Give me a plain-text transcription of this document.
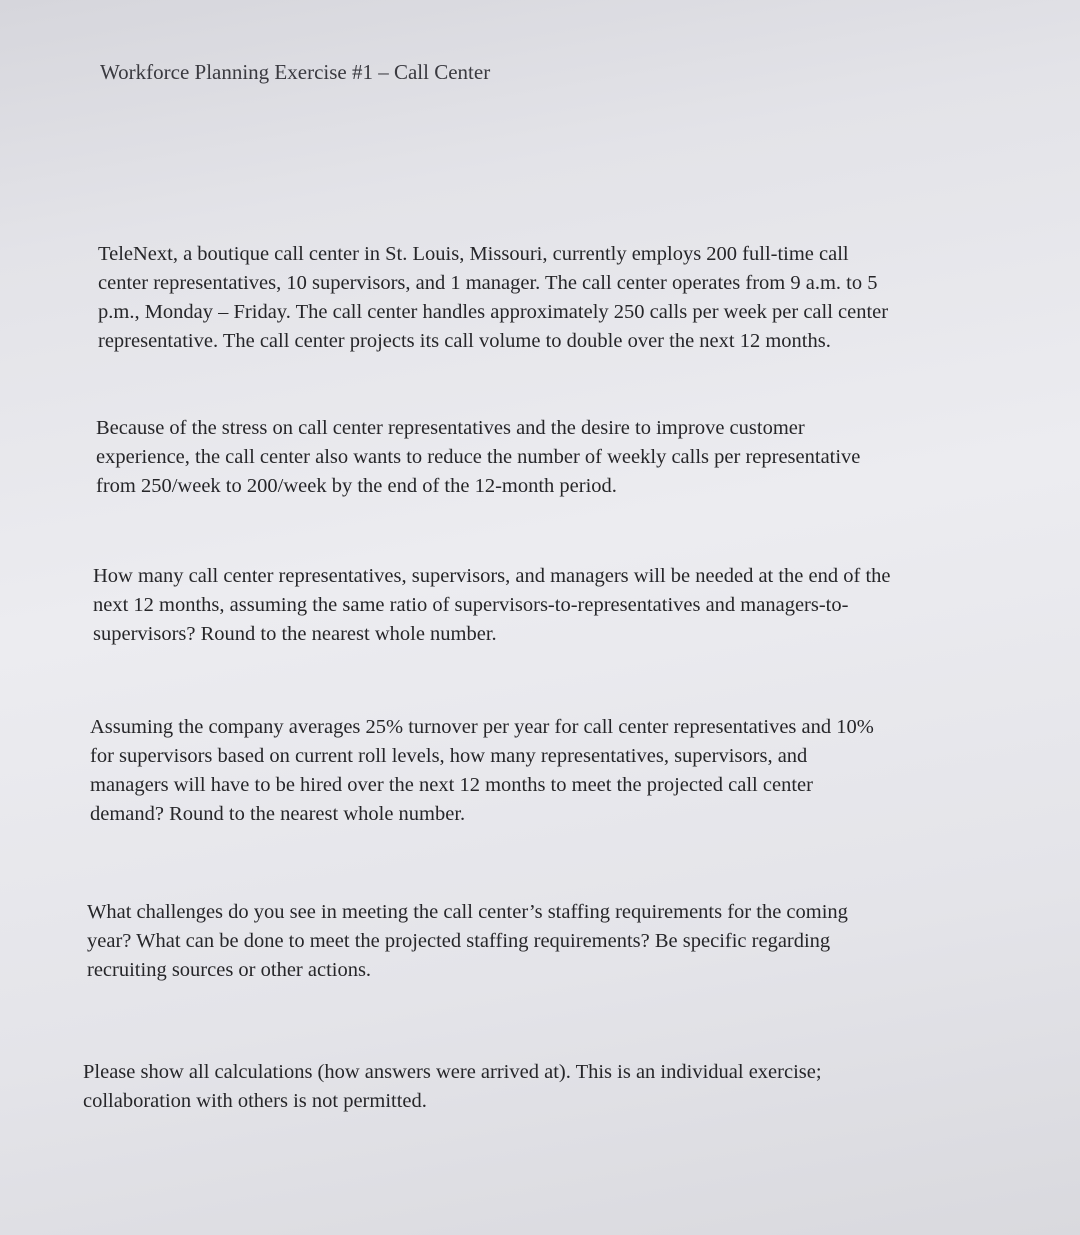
Workforce Planning Exercise #1 – Call Center

TeleNext, a boutique call center in St. Louis, Missouri, currently employs 200 full-time call
center representatives, 10 supervisors, and 1 manager. The call center operates from 9 a.m. to 5
p.m., Monday – Friday. The call center handles approximately 250 calls per week per call center
representative. The call center projects its call volume to double over the next 12 months.

Because of the stress on call center representatives and the desire to improve customer
experience, the call center also wants to reduce the number of weekly calls per representative
from 250/week to 200/week by the end of the 12-month period.

How many call center representatives, supervisors, and managers will be needed at the end of the
next 12 months, assuming the same ratio of supervisors-to-representatives and managers-to-
supervisors? Round to the nearest whole number.

Assuming the company averages 25% turnover per year for call center representatives and 10%
for supervisors based on current roll levels, how many representatives, supervisors, and
managers will have to be hired over the next 12 months to meet the projected call center
demand? Round to the nearest whole number.

What challenges do you see in meeting the call center’s staffing requirements for the coming
year? What can be done to meet the projected staffing requirements? Be specific regarding
recruiting sources or other actions.

Please show all calculations (how answers were arrived at). This is an individual exercise;
collaboration with others is not permitted.
